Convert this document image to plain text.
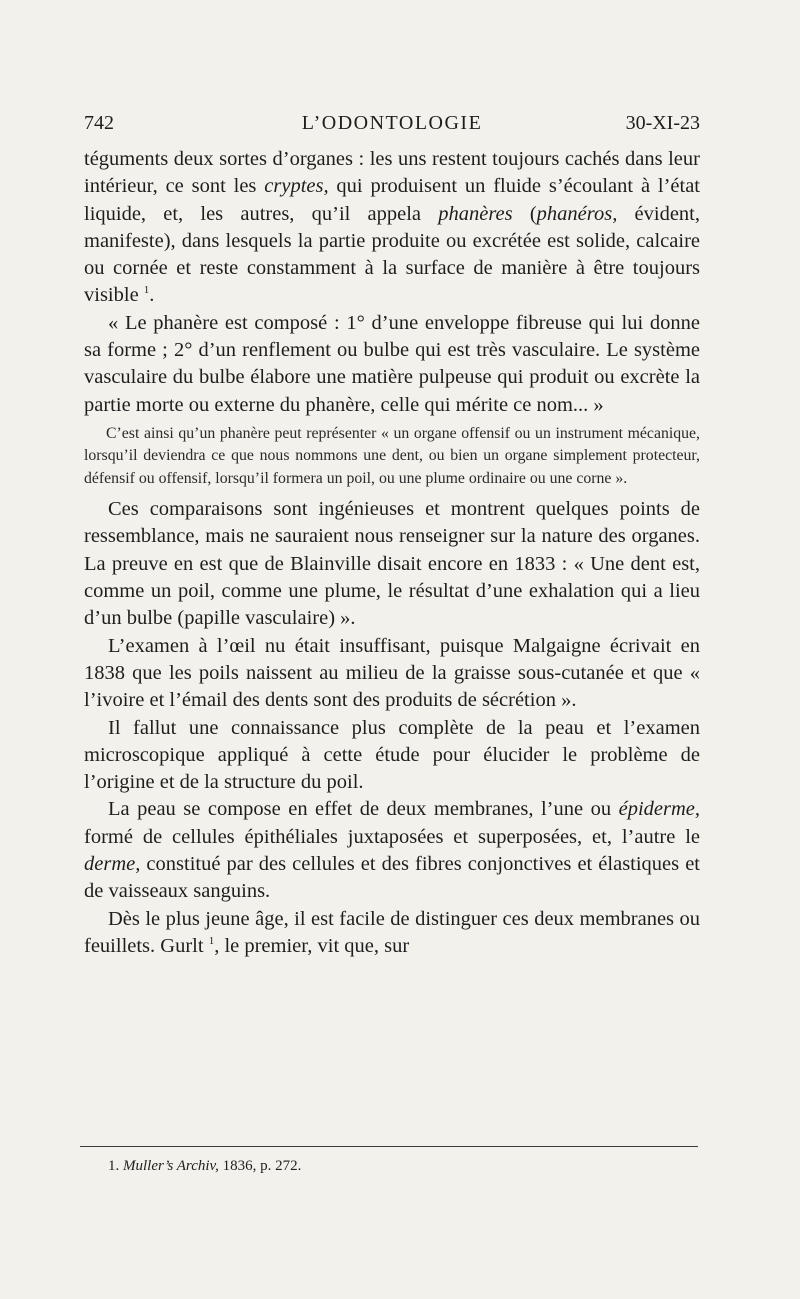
742	L’ODONTOLOGIE	30-XI-23

téguments deux sortes d’organes : les uns restent toujours cachés dans leur intérieur, ce sont les cryptes, qui produisent un fluide s’écoulant à l’état liquide, et, les autres, qu’il appela phanères (phanéros, évident, manifeste), dans lesquels la partie produite ou excrétée est solide, calcaire ou cornée et reste constamment à la surface de manière à être toujours visible $^1$.

« Le phanère est composé : 1° d’une enveloppe fibreuse qui lui donne sa forme ; 2° d’un renflement ou bulbe qui est très vasculaire. Le système vasculaire du bulbe élabore une matière pulpeuse qui produit ou excrète la partie morte ou externe du phanère, celle qui mérite ce nom... »

C’est ainsi qu’un phanère peut représenter « un organe offensif ou un instrument mécanique, lorsqu’il deviendra ce que nous nommons une dent, ou bien un organe simplement protecteur, défensif ou offensif, lorsqu’il formera un poil, ou une plume ordinaire ou une corne ».

Ces comparaisons sont ingénieuses et montrent quelques points de ressemblance, mais ne sauraient nous renseigner sur la nature des organes. La preuve en est que de Blainville disait encore en 1833 : « Une dent est, comme un poil, comme une plume, le résultat d’une exhalation qui a lieu d’un bulbe (papille vasculaire) ».

L’examen à l’œil nu était insuffisant, puisque Malgaigne écrivait en 1838 que les poils naissent au milieu de la graisse sous-cutanée et que « l’ivoire et l’émail des dents sont des produits de sécrétion ».

Il fallut une connaissance plus complète de la peau et l’examen microscopique appliqué à cette étude pour élucider le problème de l’origine et de la structure du poil.

La peau se compose en effet de deux membranes, l’une ou épiderme, formé de cellules épithéliales juxtaposées et superposées, et, l’autre le derme, constitué par des cellules et des fibres conjonctives et élastiques et de vaisseaux sanguins.

Dès le plus jeune âge, il est facile de distinguer ces deux membranes ou feuillets. Gurlt $^1$, le premier, vit que, sur

1. Muller’s Archiv, 1836, p. 272.
